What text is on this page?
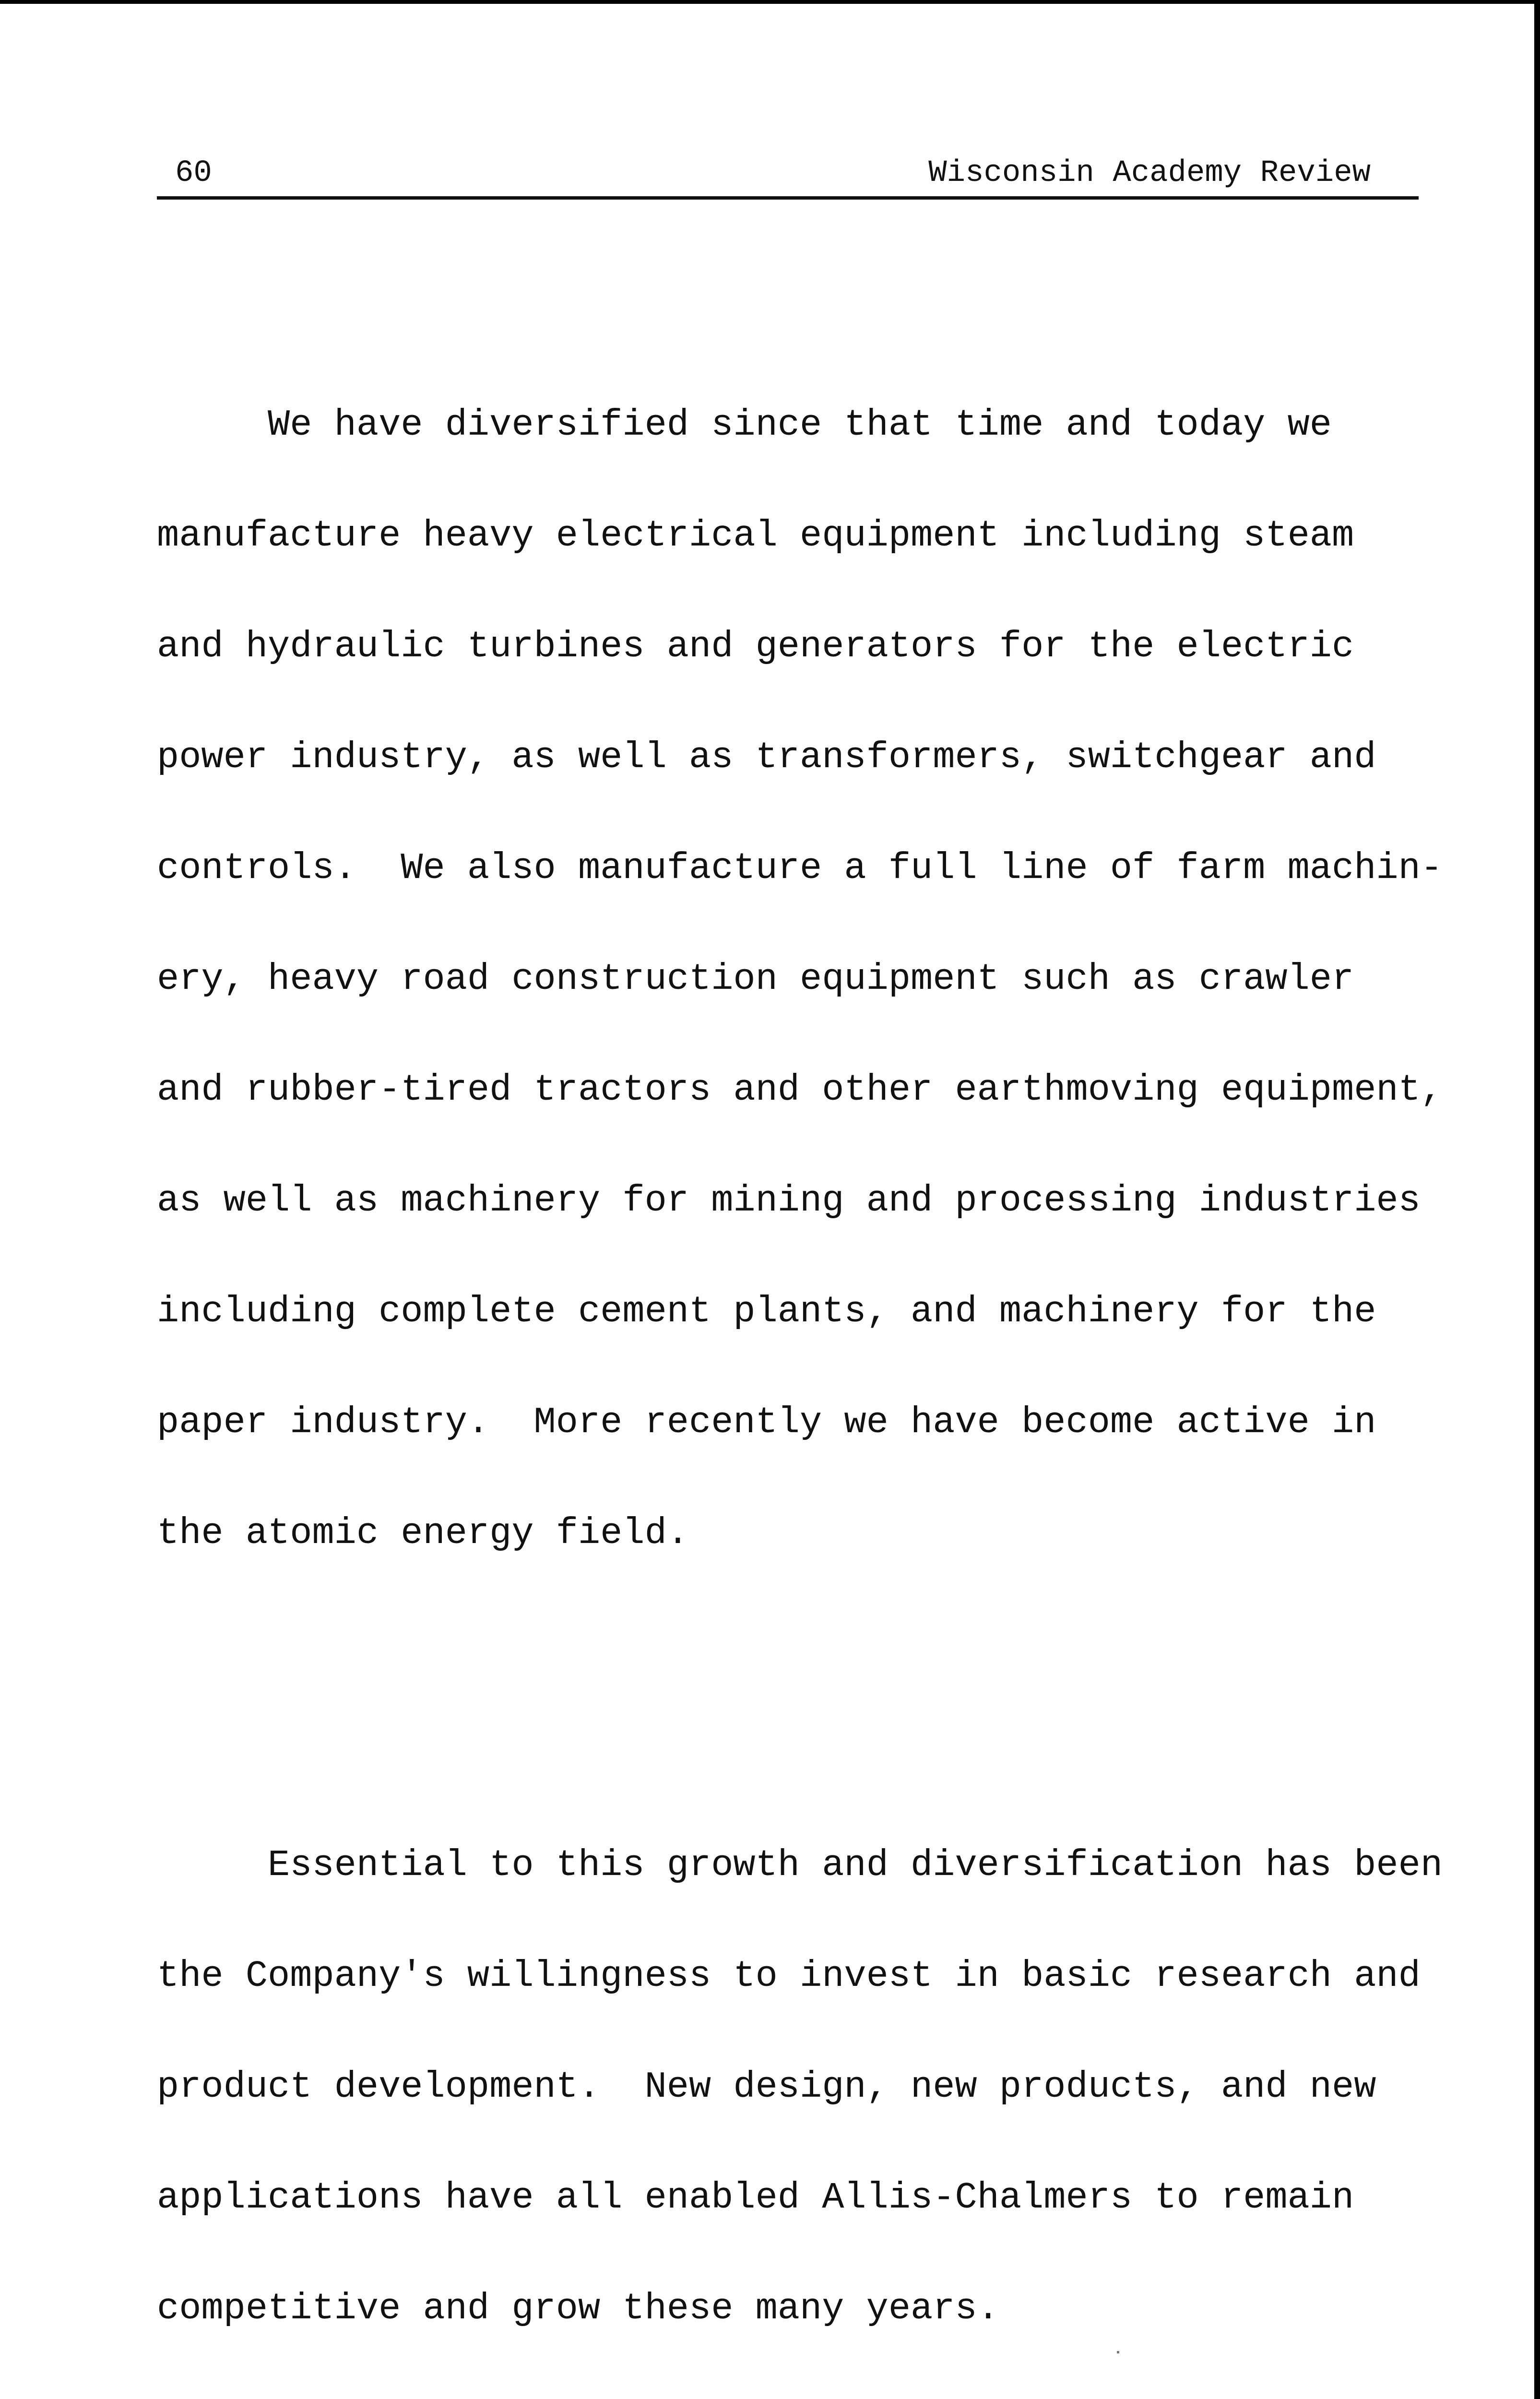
60	Wisconsin Academy Review

We have diversified since that time and today we

manufacture heavy electrical equipment including steam

and hydraulic turbines and generators for the electric

power industry, as well as transformers, switchgear and

controls.  We also manufacture a full line of farm machin-

ery, heavy road construction equipment such as crawler

and rubber-tired tractors and other earthmoving equipment,

as well as machinery for mining and processing industries

including complete cement plants, and machinery for the

paper industry.  More recently we have become active in

the atomic energy field.

Essential to this growth and diversification has been

the Company's willingness to invest in basic research and

product development.  New design, new products, and new

applications have all enabled Allis-Chalmers to remain

competitive and grow these many years.
